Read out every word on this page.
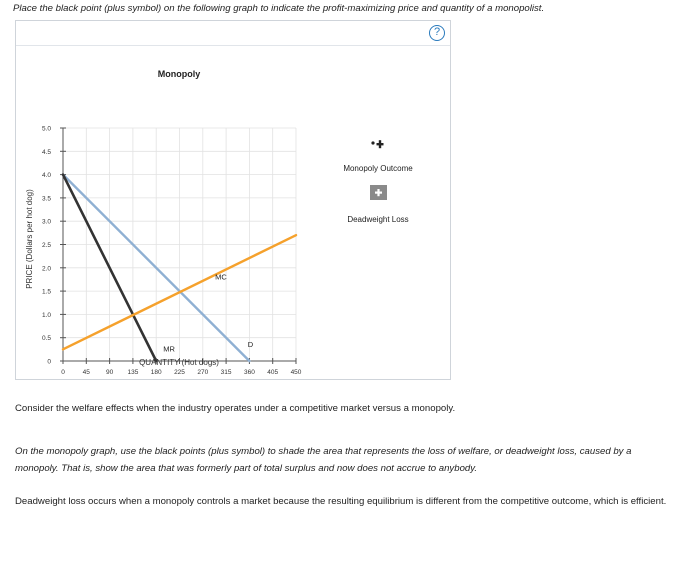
Place the black point (plus symbol) on the following graph to indicate the profit-maximizing price and quantity of a monopolist.

?
Monopoly
0
0.5
1.0
1.5
2.0
2.5
3.0
3.5
4.0
4.5
5.0
0	45 90 135 180 225 270 315 360 405 450
MC
MR
D
QUANTITY (Hot dogs)
PRICE (Dollars per hot dog)
Monopoly Outcome
Deadweight Loss

Consider the welfare effects when the industry operates under a competitive market versus a monopoly.

On the monopoly graph, use the black points (plus symbol) to shade the area that represents the loss of welfare, or deadweight loss, caused by a monopoly. That is, show the area that was formerly part of total surplus and now does not accrue to anybody.

Deadweight loss occurs when a monopoly controls a market because the resulting equilibrium is different from the competitive outcome, which is efficient.
